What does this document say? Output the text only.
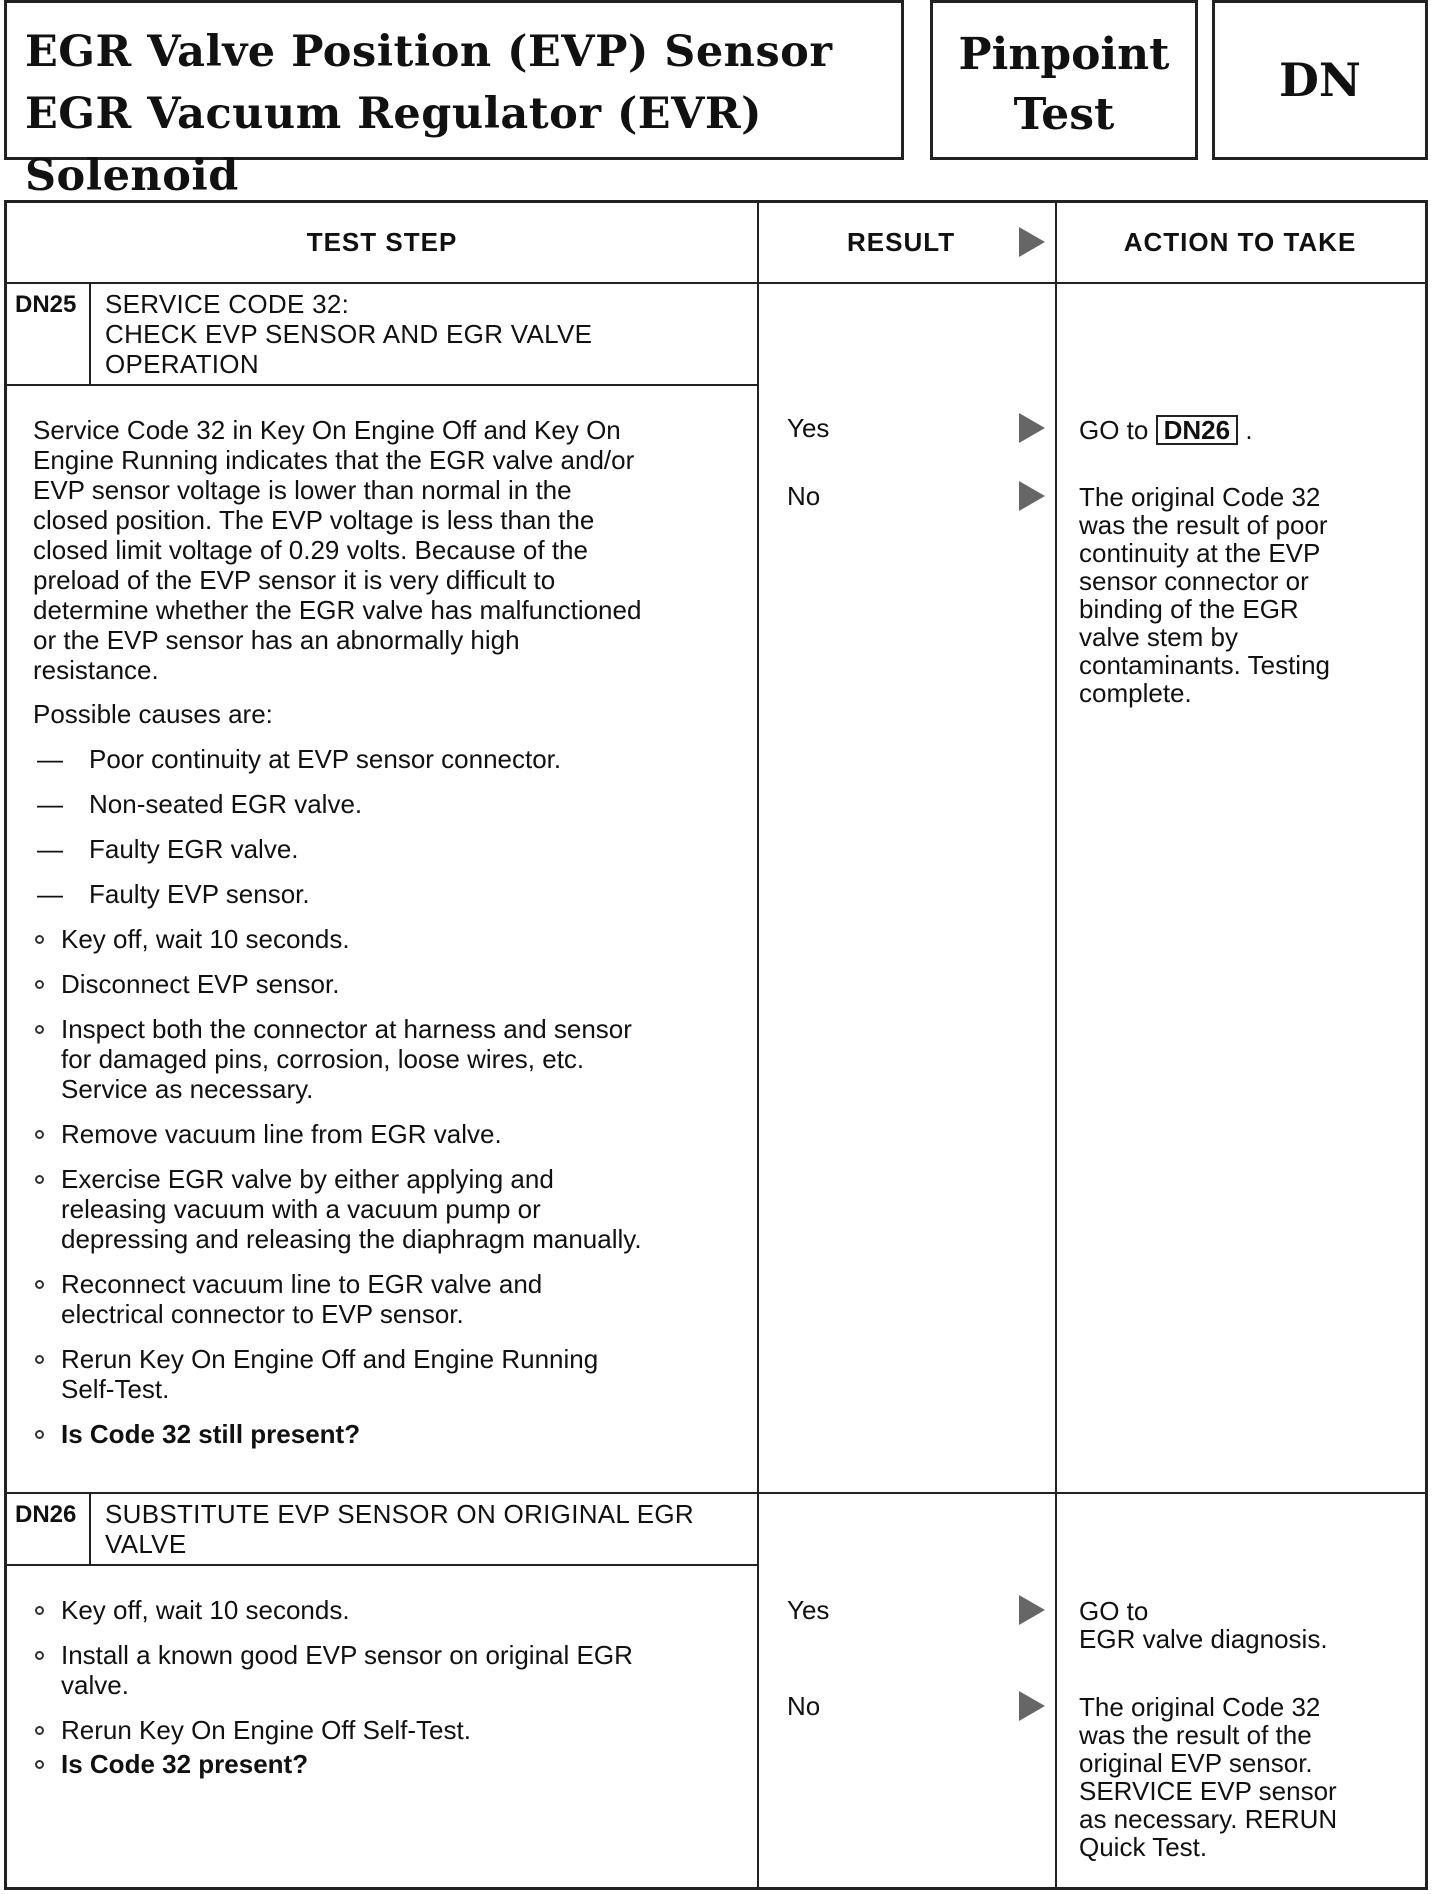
EGR Valve Position (EVP) Sensor
EGR Vacuum Regulator (EVR) Solenoid
Pinpoint
Test
DN
TEST STEP	RESULT	ACTION TO TAKE
DN25 SERVICE CODE 32:
CHECK EVP SENSOR AND EGR VALVE
OPERATION
Service Code 32 in Key On Engine Off and Key On
Engine Running indicates that the EGR valve and/or
EVP sensor voltage is lower than normal in the
closed position. The EVP voltage is less than the
closed limit voltage of 0.29 volts. Because of the
preload of the EVP sensor it is very difficult to
determine whether the EGR valve has malfunctioned
or the EVP sensor has an abnormally high
resistance.
Possible causes are:
— Poor continuity at EVP sensor connector.
— Non-seated EGR valve.
— Faulty EGR valve.
— Faulty EVP sensor.
Key off, wait 10 seconds.
Disconnect EVP sensor.
Inspect both the connector at harness and sensor
for damaged pins, corrosion, loose wires, etc.
Service as necessary.
Remove vacuum line from EGR valve.
Exercise EGR valve by either applying and
releasing vacuum with a vacuum pump or
depressing and releasing the diaphragm manually.
Reconnect vacuum line to EGR valve and
electrical connector to EVP sensor.
Rerun Key On Engine Off and Engine Running
Self-Test.
Is Code 32 still present?
Yes	GO to DN26 .
No	The original Code 32
was the result of poor
continuity at the EVP
sensor connector or
binding of the EGR
valve stem by
contaminants. Testing
complete.
DN26 SUBSTITUTE EVP SENSOR ON ORIGINAL EGR
VALVE
Key off, wait 10 seconds.
Install a known good EVP sensor on original EGR
valve.
Rerun Key On Engine Off Self-Test.
Is Code 32 present?
Yes	GO to
EGR valve diagnosis.
No	The original Code 32
was the result of the
original EVP sensor.
SERVICE EVP sensor
as necessary. RERUN
Quick Test.
